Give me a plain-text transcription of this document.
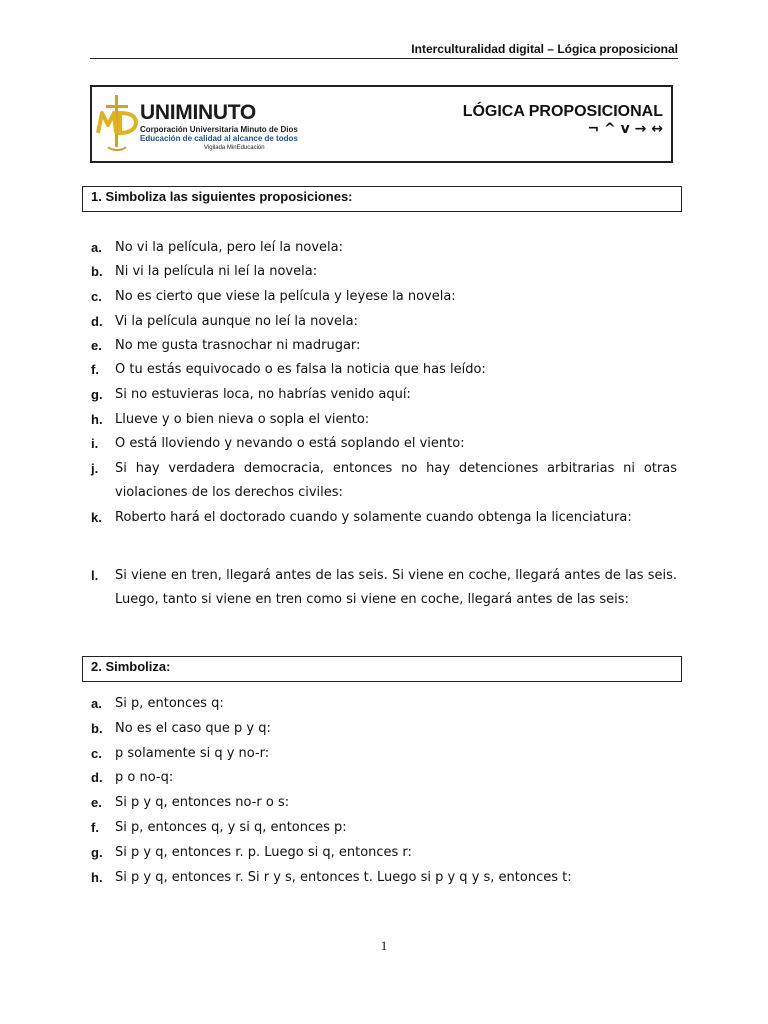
Interculturalidad digital – Lógica proposicional
UNIMINUTO
Corporación Universitaria Minuto de Dios
Educación de calidad al alcance de todos
Vigilada MinEducación
LÓGICA PROPOSICIONAL
¬ ^ v → ↔
1. Simboliza las siguientes proposiciones:
a. No vi la película, pero leí la novela:
b. Ni vi la película ni leí la novela:
c. No es cierto que viese la película y leyese la novela:
d. Vi la película aunque no leí la novela:
e. No me gusta trasnochar ni madrugar:
f. O tu estás equivocado o es falsa la noticia que has leído:
g. Si no estuvieras loca, no habrías venido aquí:
h. Llueve y o bien nieva o sopla el viento:
i. O está lloviendo y nevando o está soplando el viento:
j. Si hay verdadera democracia, entonces no hay detenciones arbitrarias ni otras violaciones de los derechos civiles:
k. Roberto hará el doctorado cuando y solamente cuando obtenga la licenciatura:
l. Si viene en tren, llegará antes de las seis. Si viene en coche, llegará antes de las seis. Luego, tanto si viene en tren como si viene en coche, llegará antes de las seis:
2. Simboliza:
a. Si p, entonces q:
b. No es el caso que p y q:
c. p solamente si q y no-r:
d. p o no-q:
e. Si p y q, entonces no-r o s:
f. Si p, entonces q, y si q, entonces p:
g. Si p y q, entonces r. p. Luego si q, entonces r:
h. Si p y q, entonces r. Si r y s, entonces t. Luego si p y q y s, entonces t:
1
